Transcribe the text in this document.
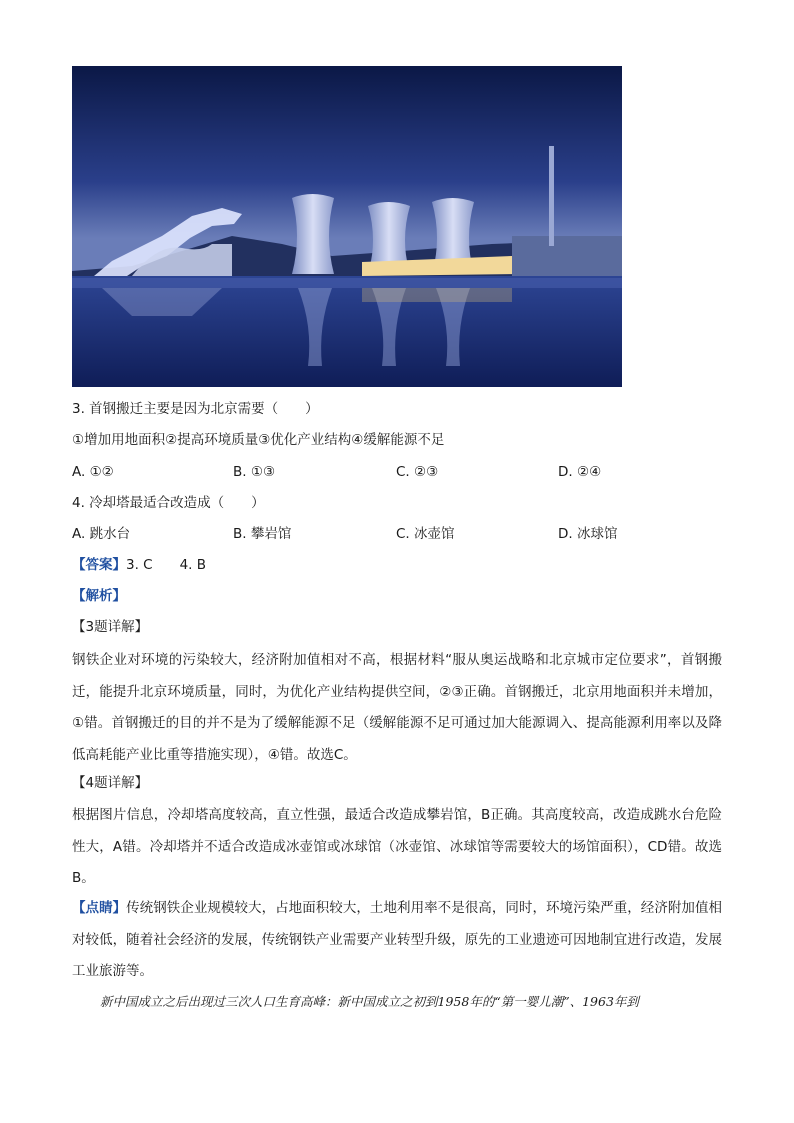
3. 首钢搬迁主要是因为北京需要（　　）
①增加用地面积②提高环境质量③优化产业结构④缓解能源不足
A. ①②	B. ①③	C. ②③	D. ②④
4. 冷却塔最适合改造成（　　）
A. 跳水台	B. 攀岩馆	C. 冰壶馆	D. 冰球馆
【答案】3. C　　4. B
【解析】
【3题详解】
钢铁企业对环境的污染较大，经济附加值相对不高，根据材料“服从奥运战略和北京城市定位要求”，首钢搬迁，能提升北京环境质量，同时，为优化产业结构提供空间，②③正确。首钢搬迁，北京用地面积并未增加，①错。首钢搬迁的目的并不是为了缓解能源不足（缓解能源不足可通过加大能源调入、提高能源利用率以及降低高耗能产业比重等措施实现），④错。故选C。
【4题详解】
根据图片信息，冷却塔高度较高，直立性强，最适合改造成攀岩馆，B正确。其高度较高，改造成跳水台危险性大，A错。冷却塔并不适合改造成冰壶馆或冰球馆（冰壶馆、冰球馆等需要较大的场馆面积），CD错。故选B。
【点睛】传统钢铁企业规模较大，占地面积较大，土地利用率不是很高，同时，环境污染严重，经济附加值相对较低，随着社会经济的发展，传统钢铁产业需要产业转型升级，原先的工业遗迹可因地制宜进行改造，发展工业旅游等。
新中国成立之后出现过三次人口生育高峰：新中国成立之初到1958年的“第一婴儿潮”、1963年到
